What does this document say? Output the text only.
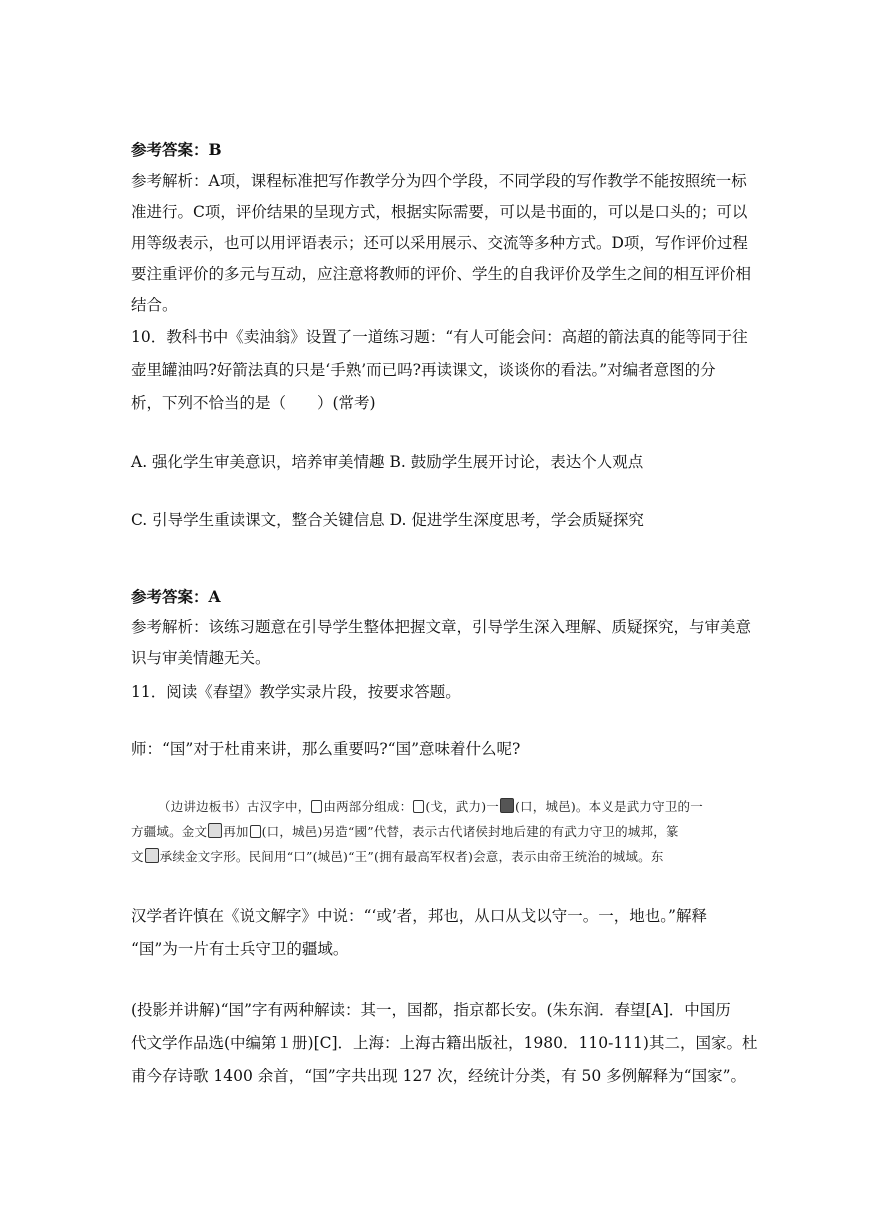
参考答案：B
参考解析：A项，课程标准把写作教学分为四个学段，不同学段的写作教学不能按照统一标
准进行。C项，评价结果的呈现方式，根据实际需要，可以是书面的，可以是口头的；可以
用等级表示，也可以用评语表示；还可以采用展示、交流等多种方式。D项，写作评价过程
要注重评价的多元与互动，应注意将教师的评价、学生的自我评价及学生之间的相互评价相
结合。
10．教科书中《卖油翁》设置了一道练习题：“有人可能会问：高超的箭法真的能等同于往
壶里罐油吗?好箭法真的只是‘手熟’而已吗?再读课文，谈谈你的看法。”对编者意图的分
析，下列不恰当的是（　　）(常考)
A. 强化学生审美意识，培养审美情趣 B. 鼓励学生展开讨论，表达个人观点
C. 引导学生重读课文，整合关键信息 D. 促进学生深度思考，学会质疑探究
参考答案：A
参考解析：该练习题意在引导学生整体把握文章，引导学生深入理解、质疑探究，与审美意
识与审美情趣无关。
11．阅读《春望》教学实录片段，按要求答题。
师：“国”对于杜甫来讲，那么重要吗?“国”意味着什么呢?
（边讲边板书）古汉字中， 由两部分组成： (戈，武力)一 (口，城邑)。本义是武力守卫的一
方疆域。金文 再加 (口，城邑)另造“國”代替，表示古代诸侯封地后建的有武力守卫的城邦，篆
文 承续金文字形。民间用“口”(城邑)“王”(拥有最高军权者)会意，表示由帝王统治的城域。东
汉学者许慎在《说文解字》中说：“‘或’者，邦也，从口从戈以守一。一，地也。”解释
“国”为一片有士兵守卫的疆域。
(投影并讲解)“国”字有两种解读：其一，国都，指京都长安。(朱东润．春望[A]．中国历
代文学作品选(中编第１册)[C]．上海：上海古籍出版社，1980．110-111)其二，国家。杜
甫今存诗歌 1400 余首，“国”字共出现 127 次，经统计分类，有 50 多例解释为“国家”。
